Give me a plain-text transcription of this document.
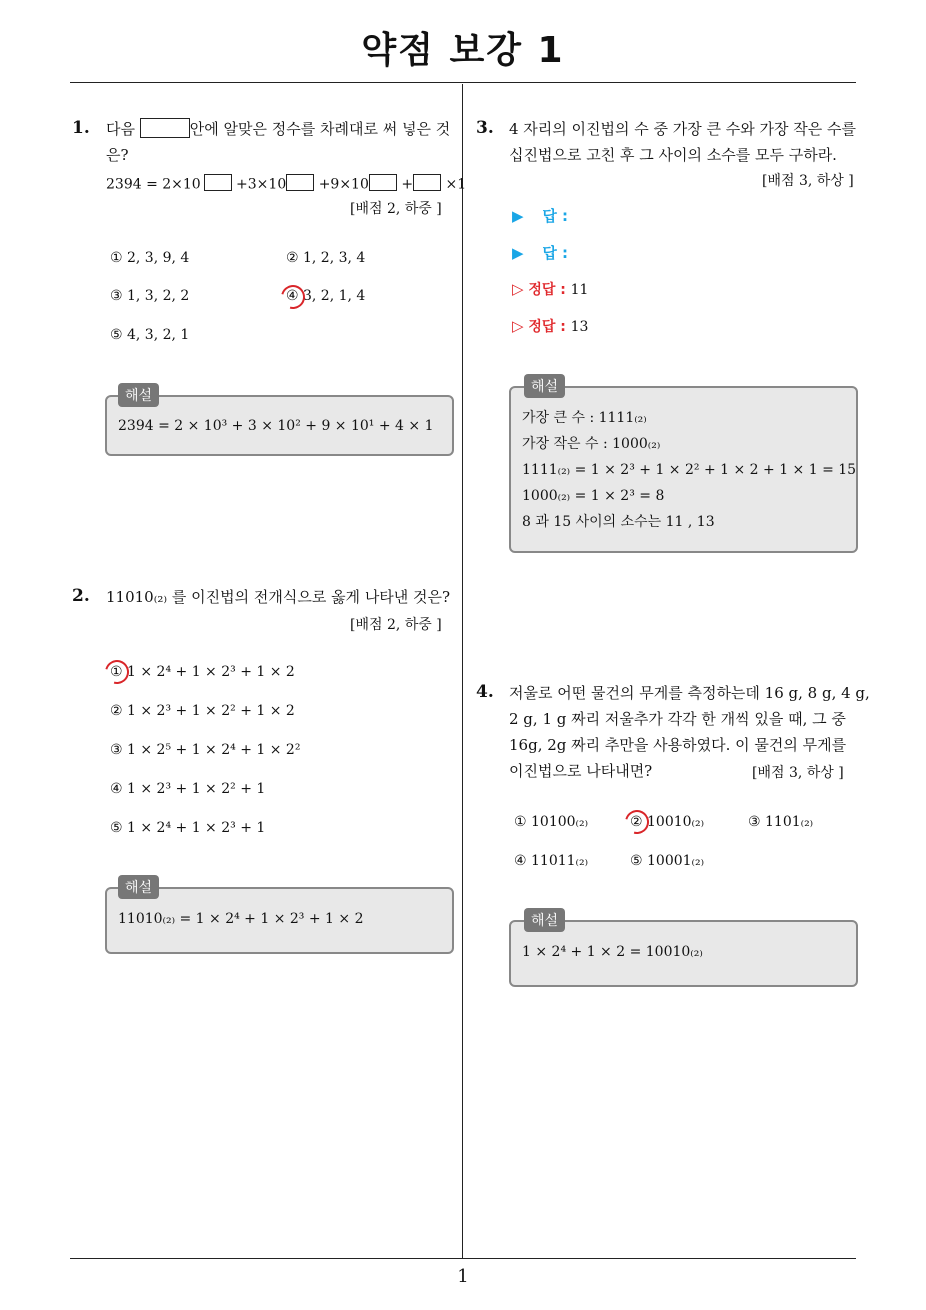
약점 보강 1
1
1. 다음	안에 알맞은 정수를 차례대로 써 넣은 것
은?
2394 = 2×10	+3×10 +9×10 + ×1
[배점 2, 하중 ]
① 2, 3, 9, 4	② 1, 2, 3, 4
③ 1, 3, 2, 2	④ 3, 2, 1, 4
⑤ 4, 3, 2, 1
해설
2394 = 2 × 10³ + 3 × 10² + 9 × 10¹ + 4 × 1
2. 11010₍₂₎ 를 이진법의 전개식으로 옳게 나타낸 것은?
[배점 2, 하중 ]
① 1 × 2⁴ + 1 × 2³ + 1 × 2
② 1 × 2³ + 1 × 2² + 1 × 2
③ 1 × 2⁵ + 1 × 2⁴ + 1 × 2²
④ 1 × 2³ + 1 × 2² + 1
⑤ 1 × 2⁴ + 1 × 2³ + 1
해설
11010₍₂₎ = 1 × 2⁴ + 1 × 2³ + 1 × 2
3. 4 자리의 이진법의 수 중 가장 큰 수와 가장 작은 수를
십진법으로 고친 후 그 사이의 소수를 모두 구하라.
[배점 3, 하상 ]
▶ 답 :
▶ 답 :
▷ 정답 : 11
▷ 정답 : 13
해설
가장 큰 수 : 1111₍₂₎
가장 작은 수 : 1000₍₂₎
1111₍₂₎ = 1 × 2³ + 1 × 2² + 1 × 2 + 1 × 1 = 15
1000₍₂₎ = 1 × 2³ = 8
8 과 15 사이의 소수는 11 , 13
4. 저울로 어떤 물건의 무게를 측정하는데 16 g, 8 g, 4 g,
2 g, 1 g 짜리 저울추가 각각 한 개씩 있을 때, 그 중
16g, 2g 짜리 추만을 사용하였다. 이 물건의 무게를
이진법으로 나타내면?	[배점 3, 하상 ]
① 10100₍₂₎	② 10010₍₂₎	③ 1101₍₂₎
④ 11011₍₂₎	⑤ 10001₍₂₎
해설
1 × 2⁴ + 1 × 2 = 10010₍₂₎
